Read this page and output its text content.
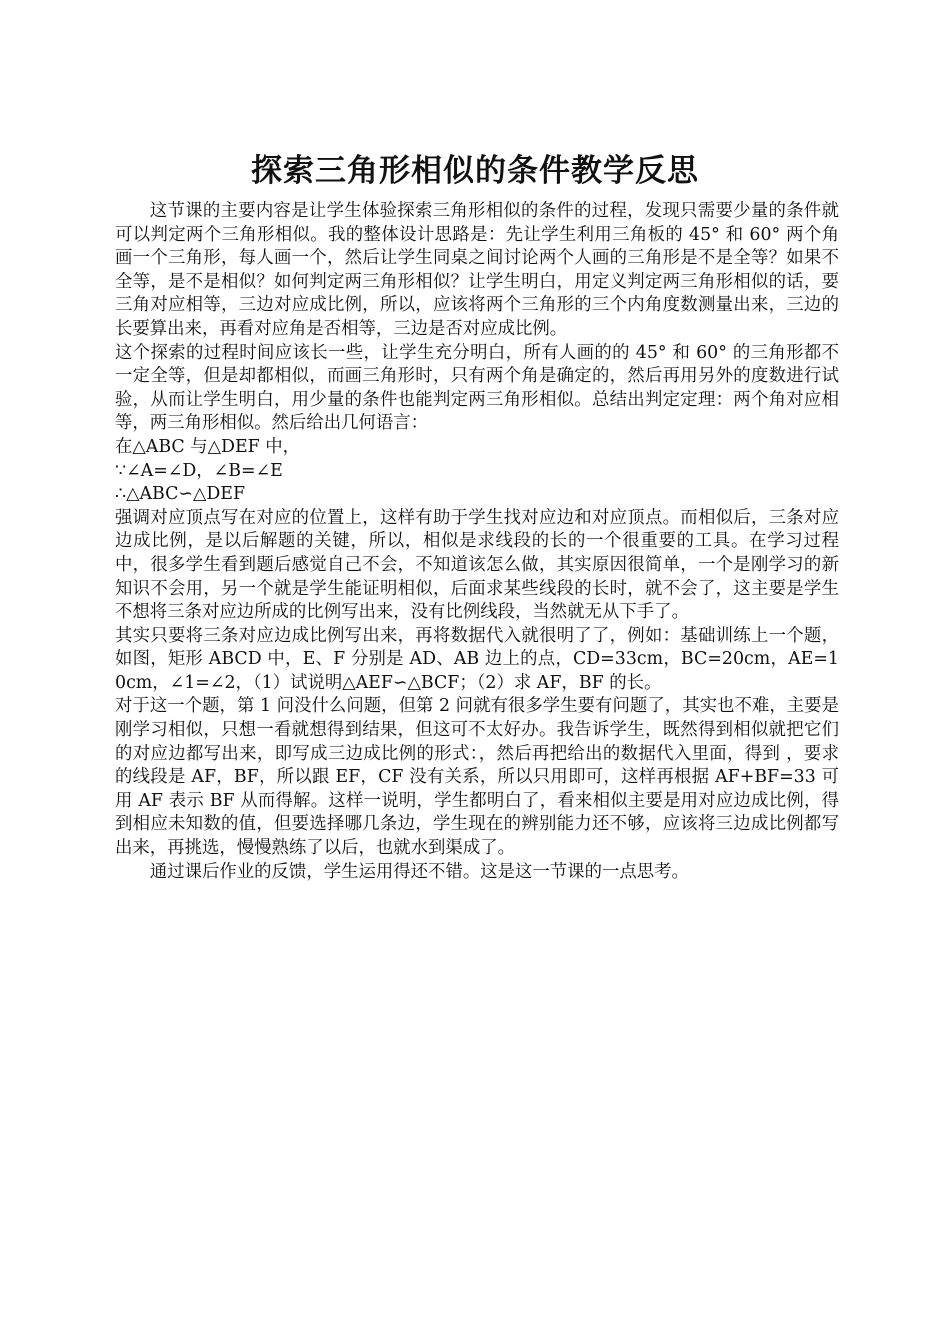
探索三角形相似的条件教学反思

这节课的主要内容是让学生体验探索三角形相似的条件的过程，发现只需要少量的条件就可以判定两个三角形相似。我的整体设计思路是：先让学生利用三角板的 45° 和 60° 两个角画一个三角形，每人画一个，然后让学生同桌之间讨论两个人画的三角形是不是全等？如果不全等，是不是相似？如何判定两三角形相似？让学生明白，用定义判定两三角形相似的话，要三角对应相等，三边对应成比例，所以，应该将两个三角形的三个内角度数测量出来，三边的长要算出来，再看对应角是否相等，三边是否对应成比例。

这个探索的过程时间应该长一些，让学生充分明白，所有人画的的 45° 和 60° 的三角形都不一定全等，但是却都相似，而画三角形时，只有两个角是确定的，然后再用另外的度数进行试验，从而让学生明白，用少量的条件也能判定两三角形相似。总结出判定定理：两个角对应相等，两三角形相似。然后给出几何语言：

在△ABC 与△DEF 中，

∵∠A=∠D，∠B=∠E

∴△ABC∽△DEF

强调对应顶点写在对应的位置上，这样有助于学生找对应边和对应顶点。而相似后，三条对应边成比例，是以后解题的关键，所以，相似是求线段的长的一个很重要的工具。在学习过程中，很多学生看到题后感觉自己不会，不知道该怎么做，其实原因很简单，一个是刚学习的新知识不会用，另一个就是学生能证明相似，后面求某些线段的长时，就不会了，这主要是学生不想将三条对应边所成的比例写出来，没有比例线段，当然就无从下手了。

其实只要将三条对应边成比例写出来，再将数据代入就很明了了，例如：基础训练上一个题，如图，矩形 ABCD 中，E、F 分别是 AD、AB 边上的点，CD=33cm，BC=20cm，AE=10cm，∠1=∠2，（1）试说明△AEF∽△BCF；（2）求 AF，BF 的长。

对于这一个题，第 1 问没什么问题，但第 2 问就有很多学生要有问题了，其实也不难，主要是刚学习相似，只想一看就想得到结果，但这可不太好办。我告诉学生，既然得到相似就把它们的对应边都写出来，即写成三边成比例的形式：，然后再把给出的数据代入里面，得到 ，要求的线段是 AF，BF，所以跟 EF，CF 没有关系，所以只用即可，这样再根据 AF+BF=33 可用 AF 表示 BF 从而得解。这样一说明，学生都明白了，看来相似主要是用对应边成比例，得到相应未知数的值，但要选择哪几条边，学生现在的辨别能力还不够，应该将三边成比例都写出来，再挑选，慢慢熟练了以后，也就水到渠成了。

通过课后作业的反馈，学生运用得还不错。这是这一节课的一点思考。
